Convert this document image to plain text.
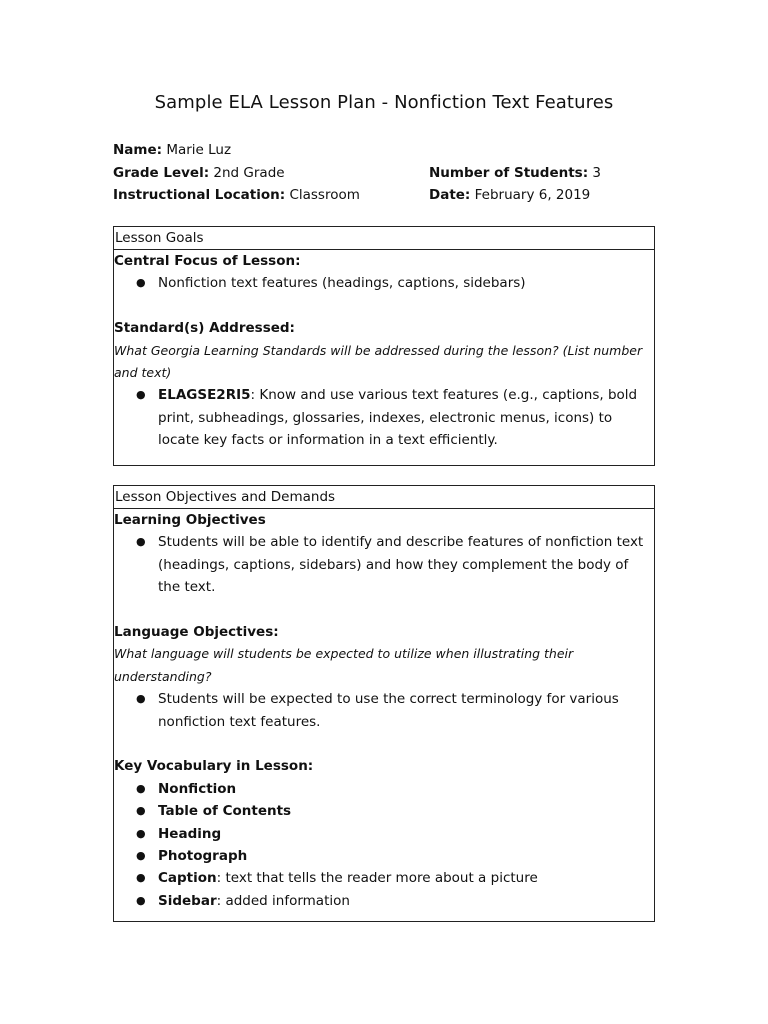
Sample ELA Lesson Plan - Nonfiction Text Features
Name: Marie Luz
Grade Level: 2nd Grade
Instructional Location: Classroom
Number of Students: 3
Date: February 6, 2019
Lesson Goals
Central Focus of Lesson:
● Nonfiction text features (headings, captions, sidebars)
Standard(s) Addressed:
What Georgia Learning Standards will be addressed during the lesson? (List number and text)
● ELAGSE2RI5: Know and use various text features (e.g., captions, bold print, subheadings, glossaries, indexes, electronic menus, icons) to locate key facts or information in a text efficiently.
Lesson Objectives and Demands
Learning Objectives
● Students will be able to identify and describe features of nonfiction text (headings, captions, sidebars) and how they complement the body of the text.
Language Objectives:
What language will students be expected to utilize when illustrating their understanding?
● Students will be expected to use the correct terminology for various nonfiction text features.
Key Vocabulary in Lesson:
● Nonfiction
● Table of Contents
● Heading
● Photograph
● Caption: text that tells the reader more about a picture
● Sidebar: added information
